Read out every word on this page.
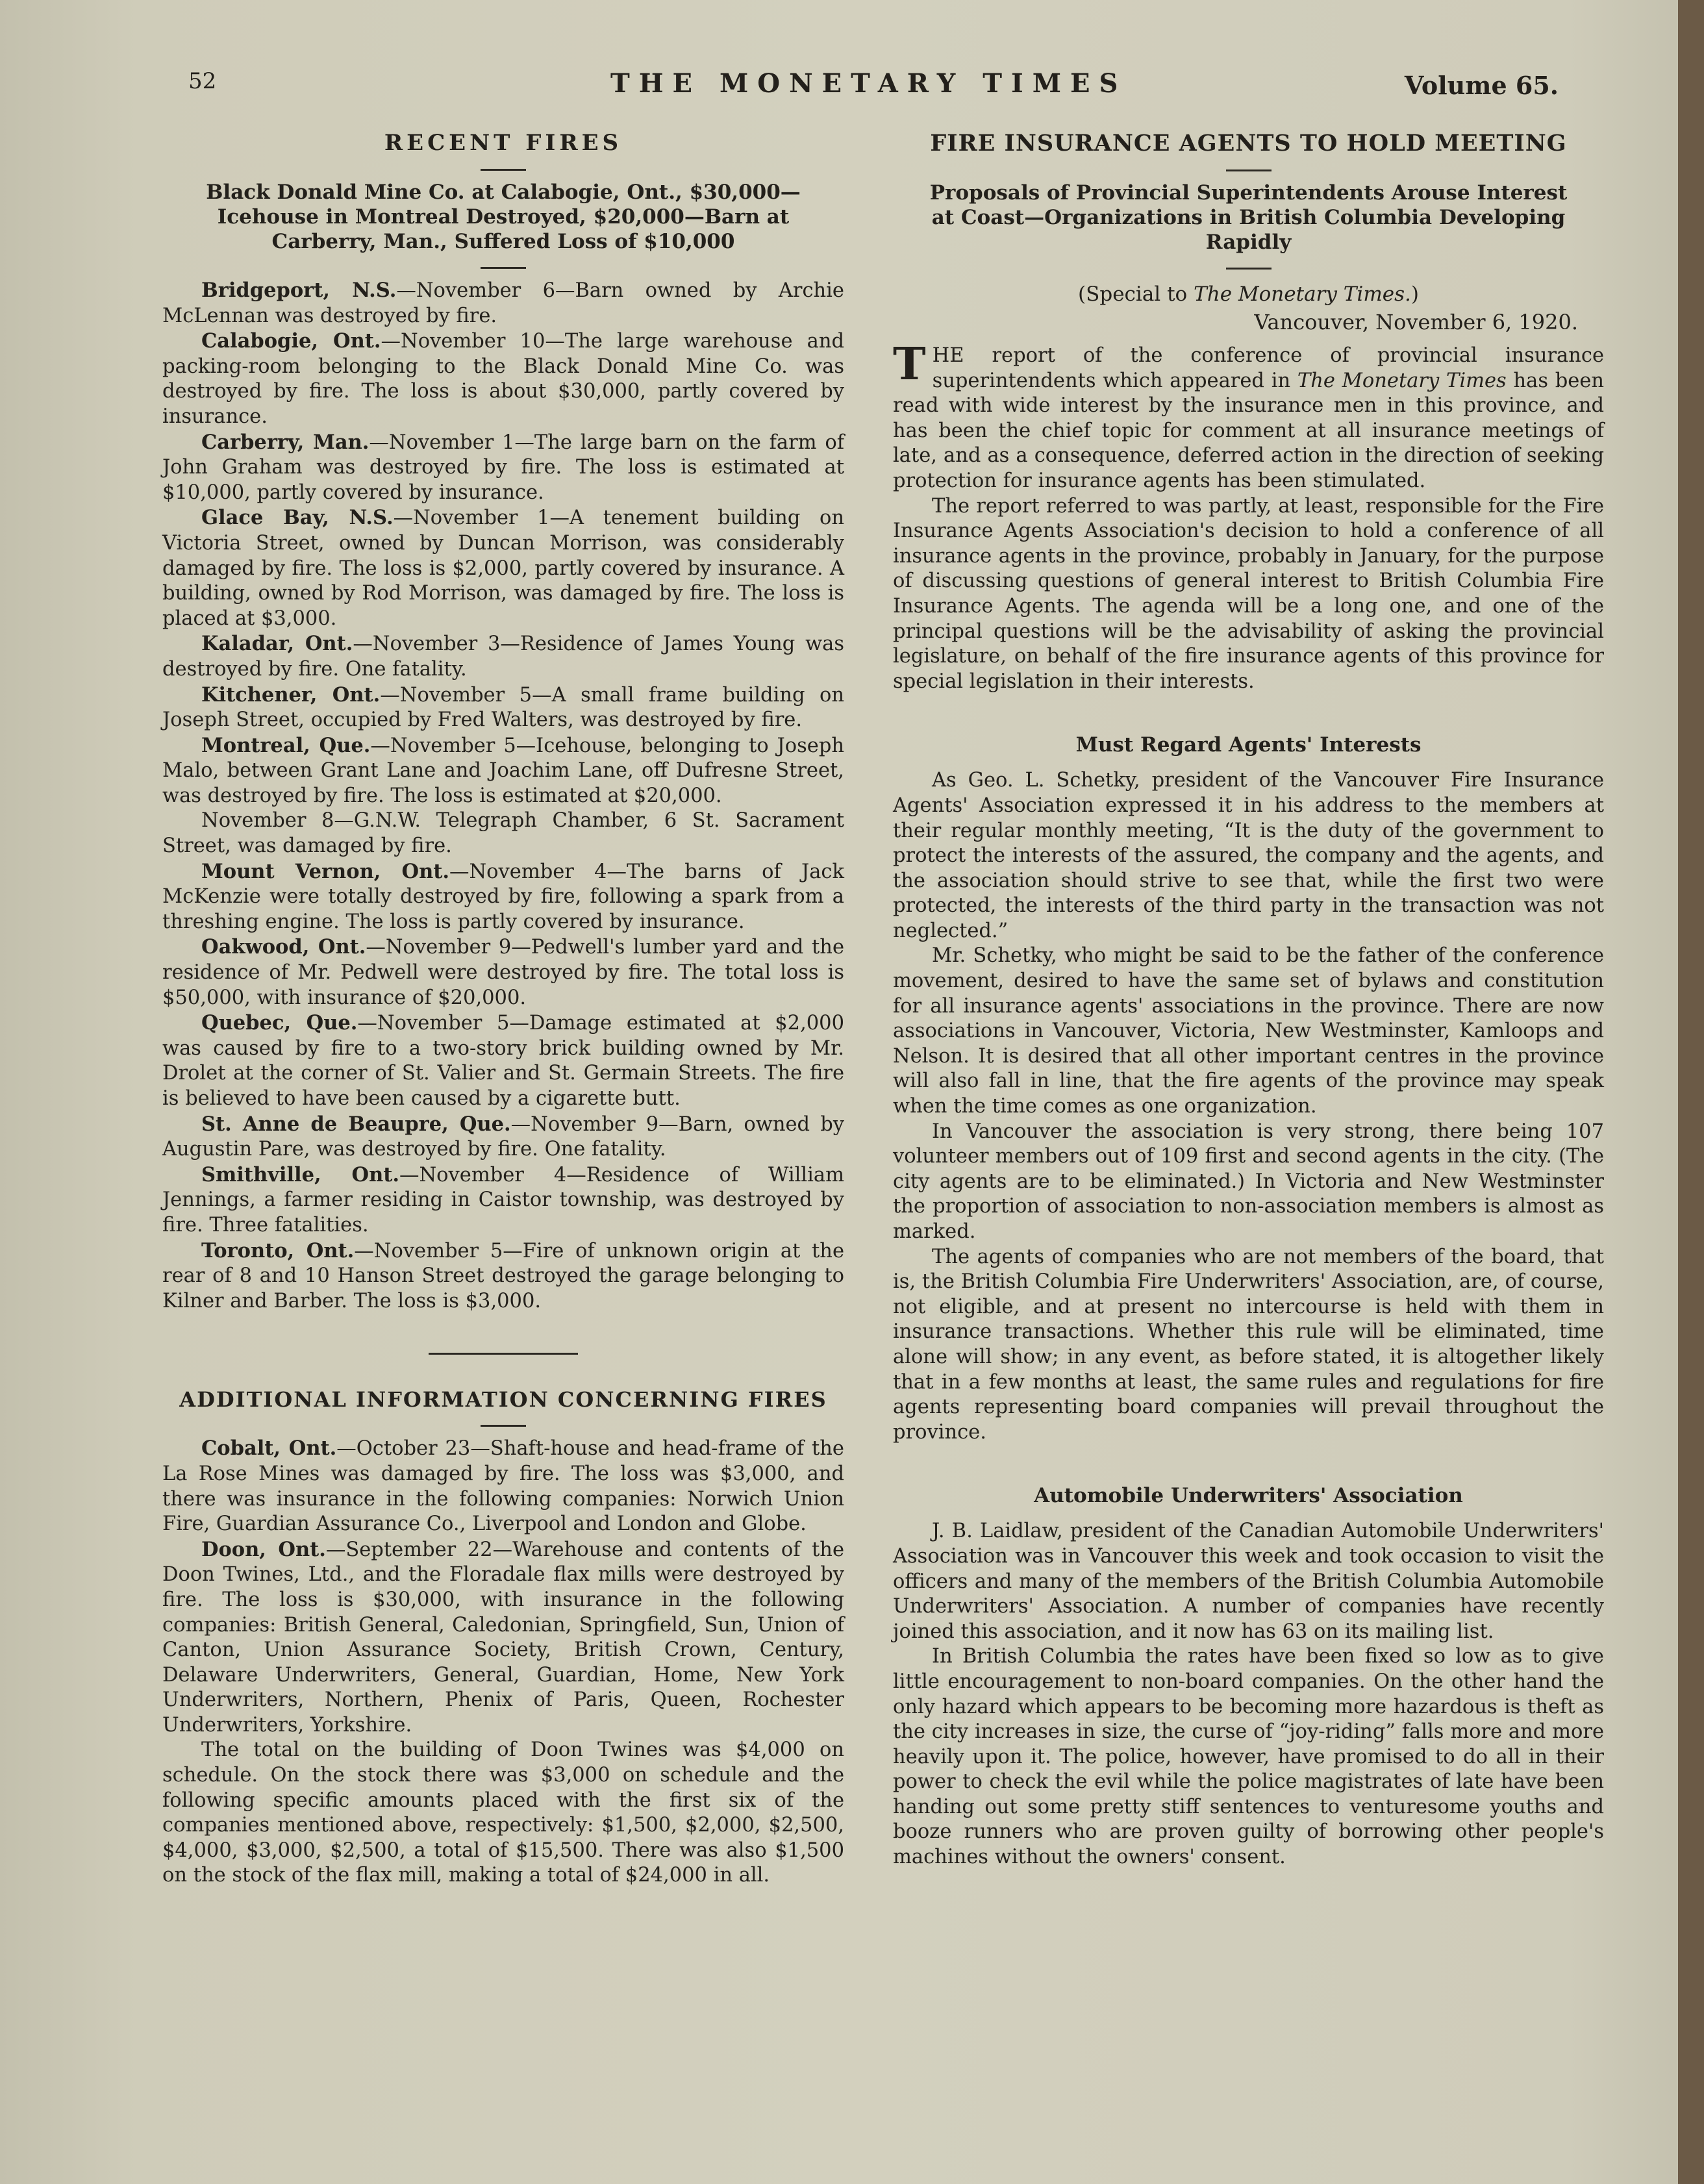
52	THE MONETARY TIMES	Volume 65.
RECENT FIRES
Black Donald Mine Co. at Calabogie, Ont., $30,000—Icehouse in Montreal Destroyed, $20,000—Barn at Carberry, Man., Suffered Loss of $10,000

Bridgeport, N.S.—November 6—Barn owned by Archie McLennan was destroyed by fire.

Calabogie, Ont.—November 10—The large warehouse and packing-room belonging to the Black Donald Mine Co. was destroyed by fire. The loss is about $30,000, partly covered by insurance.

Carberry, Man.—November 1—The large barn on the farm of John Graham was destroyed by fire. The loss is estimated at $10,000, partly covered by insurance.

Glace Bay, N.S.—November 1—A tenement building on Victoria Street, owned by Duncan Morrison, was considerably damaged by fire. The loss is $2,000, partly covered by insurance. A building, owned by Rod Morrison, was damaged by fire. The loss is placed at $3,000.

Kaladar, Ont.—November 3—Residence of James Young was destroyed by fire. One fatality.

Kitchener, Ont.—November 5—A small frame building on Joseph Street, occupied by Fred Walters, was destroyed by fire.

Montreal, Que.—November 5—Icehouse, belonging to Joseph Malo, between Grant Lane and Joachim Lane, off Dufresne Street, was destroyed by fire. The loss is estimated at $20,000.

November 8—G.N.W. Telegraph Chamber, 6 St. Sacrament Street, was damaged by fire.

Mount Vernon, Ont.—November 4—The barns of Jack McKenzie were totally destroyed by fire, following a spark from a threshing engine. The loss is partly covered by insurance.

Oakwood, Ont.—November 9—Pedwell's lumber yard and the residence of Mr. Pedwell were destroyed by fire. The total loss is $50,000, with insurance of $20,000.

Quebec, Que.—November 5—Damage estimated at $2,000 was caused by fire to a two-story brick building owned by Mr. Drolet at the corner of St. Valier and St. Germain Streets. The fire is believed to have been caused by a cigarette butt.

St. Anne de Beaupre, Que.—November 9—Barn, owned by Augustin Pare, was destroyed by fire. One fatality.

Smithville, Ont.—November 4—Residence of William Jennings, a farmer residing in Caistor township, was destroyed by fire. Three fatalities.

Toronto, Ont.—November 5—Fire of unknown origin at the rear of 8 and 10 Hanson Street destroyed the garage belonging to Kilner and Barber. The loss is $3,000.

ADDITIONAL INFORMATION CONCERNING FIRES

Cobalt, Ont.—October 23—Shaft-house and head-frame of the La Rose Mines was damaged by fire. The loss was $3,000, and there was insurance in the following companies: Norwich Union Fire, Guardian Assurance Co., Liverpool and London and Globe.

Doon, Ont.—September 22—Warehouse and contents of the Doon Twines, Ltd., and the Floradale flax mills were destroyed by fire. The loss is $30,000, with insurance in the following companies: British General, Caledonian, Springfield, Sun, Union of Canton, Union Assurance Society, British Crown, Century, Delaware Underwriters, General, Guardian, Home, New York Underwriters, Northern, Phenix of Paris, Queen, Rochester Underwriters, Yorkshire.

The total on the building of Doon Twines was $4,000 on schedule. On the stock there was $3,000 on schedule and the following specific amounts placed with the first six of the companies mentioned above, respectively: $1,500, $2,000, $2,500, $4,000, $3,000, $2,500, a total of $15,500. There was also $1,500 on the stock of the flax mill, making a total of $24,000 in all.

FIRE INSURANCE AGENTS TO HOLD MEETING
Proposals of Provincial Superintendents Arouse Interest at Coast—Organizations in British Columbia Developing Rapidly
(Special to The Monetary Times.)
Vancouver, November 6, 1920.

THE report of the conference of provincial insurance superintendents which appeared in The Monetary Times has been read with wide interest by the insurance men in this province, and has been the chief topic for comment at all insurance meetings of late, and as a consequence, deferred action in the direction of seeking protection for insurance agents has been stimulated.

The report referred to was partly, at least, responsible for the Fire Insurance Agents Association's decision to hold a conference of all insurance agents in the province, probably in January, for the purpose of discussing questions of general interest to British Columbia Fire Insurance Agents. The agenda will be a long one, and one of the principal questions will be the advisability of asking the provincial legislature, on behalf of the fire insurance agents of this province for special legislation in their interests.

Must Regard Agents' Interests

As Geo. L. Schetky, president of the Vancouver Fire Insurance Agents' Association expressed it in his address to the members at their regular monthly meeting, “It is the duty of the government to protect the interests of the assured, the company and the agents, and the association should strive to see that, while the first two were protected, the interests of the third party in the transaction was not neglected.”

Mr. Schetky, who might be said to be the father of the conference movement, desired to have the same set of bylaws and constitution for all insurance agents' associations in the province. There are now associations in Vancouver, Victoria, New Westminster, Kamloops and Nelson. It is desired that all other important centres in the province will also fall in line, that the fire agents of the province may speak when the time comes as one organization.

In Vancouver the association is very strong, there being 107 volunteer members out of 109 first and second agents in the city. (The city agents are to be eliminated.) In Victoria and New Westminster the proportion of association to non-association members is almost as marked.

The agents of companies who are not members of the board, that is, the British Columbia Fire Underwriters' Association, are, of course, not eligible, and at present no intercourse is held with them in insurance transactions. Whether this rule will be eliminated, time alone will show; in any event, as before stated, it is altogether likely that in a few months at least, the same rules and regulations for fire agents representing board companies will prevail throughout the province.

Automobile Underwriters' Association

J. B. Laidlaw, president of the Canadian Automobile Underwriters' Association was in Vancouver this week and took occasion to visit the officers and many of the members of the British Columbia Automobile Underwriters' Association. A number of companies have recently joined this association, and it now has 63 on its mailing list.

In British Columbia the rates have been fixed so low as to give little encouragement to non-board companies. On the other hand the only hazard which appears to be becoming more hazardous is theft as the city increases in size, the curse of “joy-riding” falls more and more heavily upon it. The police, however, have promised to do all in their power to check the evil while the police magistrates of late have been handing out some pretty stiff sentences to venturesome youths and booze runners who are proven guilty of borrowing other people's machines without the owners' consent.
